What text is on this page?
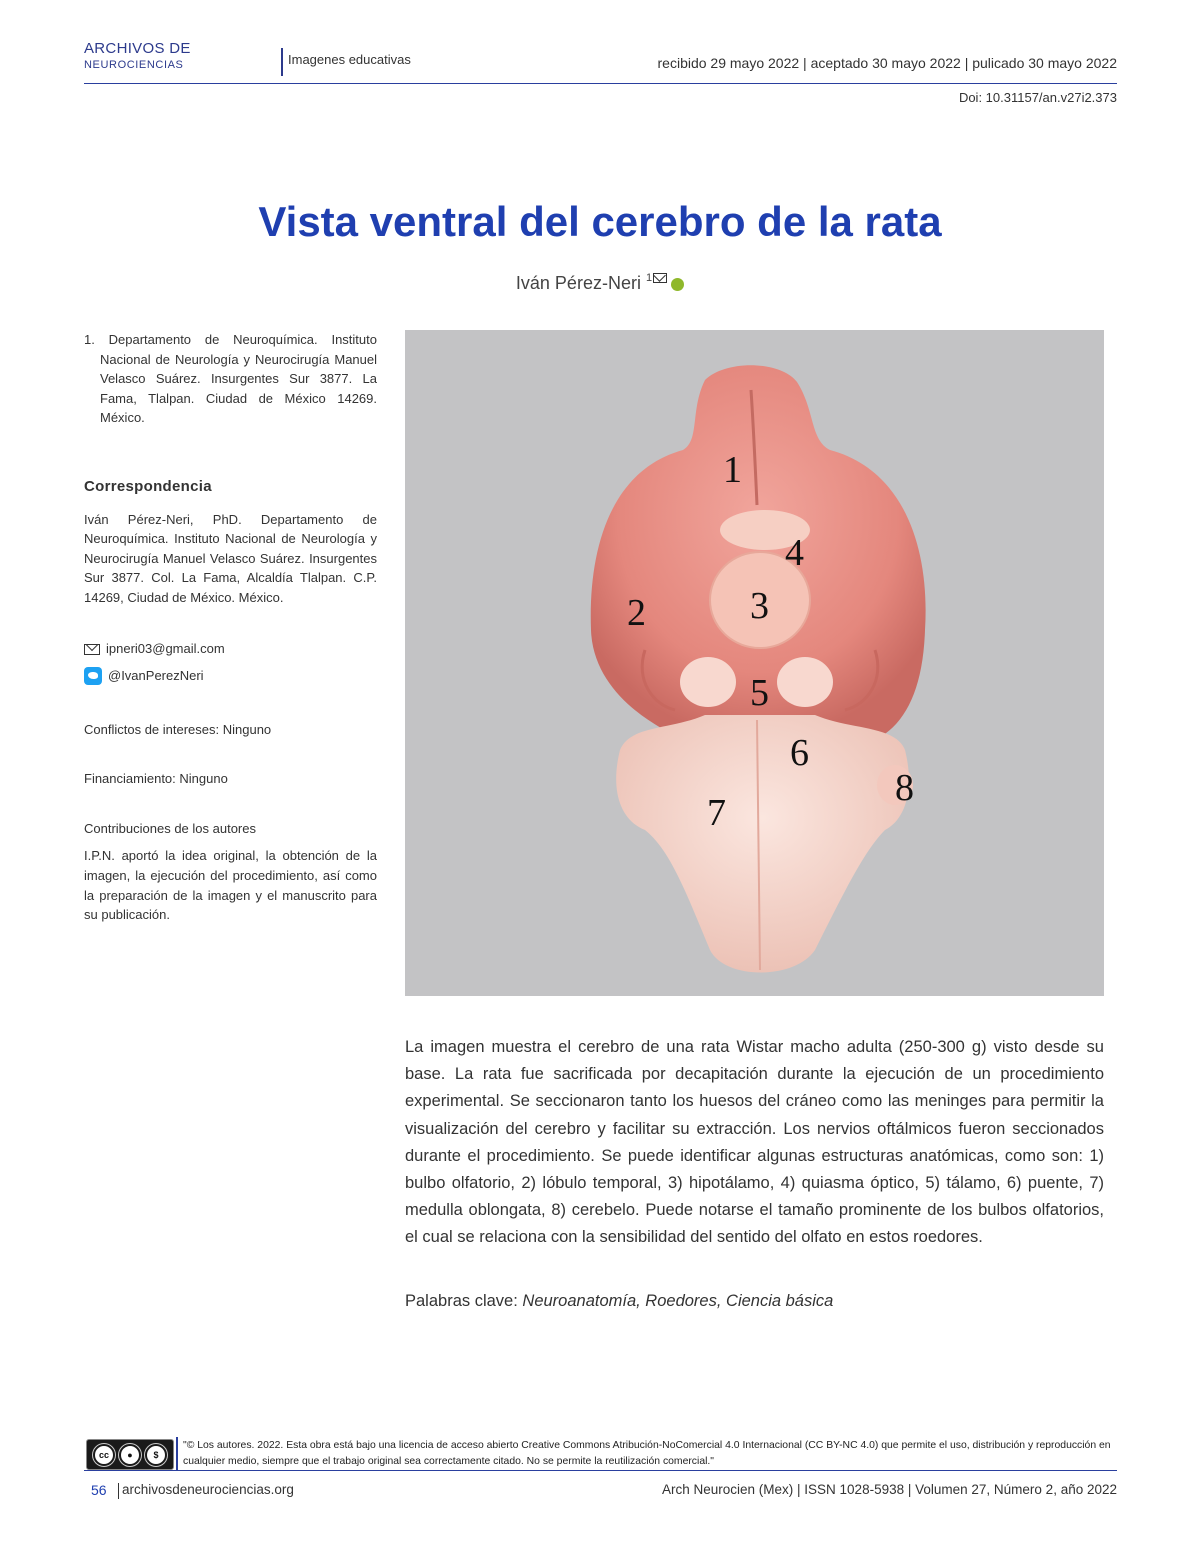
ARCHIVOS DE
NEUROCIENCIAS	Imagenes educativas	recibido 29 mayo 2022 | aceptado 30 mayo 2022 | pulicado 30 mayo 2022
Doi: 10.31157/an.v27i2.373
Vista ventral del cerebro de la rata
Iván Pérez-Neri $^1$
1. Departamento de Neuroquímica. Instituto Nacional de Neurología y Neurocirugía Manuel Velasco Suárez. Insurgentes Sur 3877. La Fama, Tlalpan. Ciudad de México 14269. México.
Correspondencia
Iván Pérez-Neri, PhD. Departamento de Neuroquímica. Instituto Nacional de Neurología y Neurocirugía Manuel Velasco Suárez. Insurgentes Sur 3877. Col. La Fama, Alcaldía Tlalpan. C.P. 14269, Ciudad de México. México.
ipneri03@gmail.com
@IvanPerezNeri
Conflictos de intereses: Ninguno
Financiamiento: Ninguno
Contribuciones de los autores
I.P.N. aportó la idea original, la obtención de la imagen, la ejecución del procedimiento, así como la preparación de la imagen y el manuscrito para su publicación.
1
2	3
4
5
6
7
8

La imagen muestra el cerebro de una rata Wistar macho adulta (250-300 g) visto desde su base. La rata fue sacrificada por decapitación durante la ejecución de un procedimiento experimental. Se seccionaron tanto los huesos del cráneo como las meninges para permitir la visualización del cerebro y facilitar su extracción. Los nervios oftálmicos fueron seccionados durante el procedimiento. Se puede identificar algunas estructuras anatómicas, como son: 1) bulbo olfatorio, 2) lóbulo temporal, 3) hipotálamo, 4) quiasma óptico, 5) tálamo, 6) puente, 7) medulla oblongata, 8) cerebelo. Puede notarse el tamaño prominente de los bulbos olfatorios, el cual se relaciona con la sensibilidad del sentido del olfato en estos roedores.

Palabras clave: Neuroanatomía, Roedores, Ciencia básica
cc	●	$
"© Los autores. 2022. Esta obra está bajo una licencia de acceso abierto Creative Commons Atribución-NoComercial 4.0 Internacional (CC BY-NC 4.0) que permite el uso, distribución y reproducción en cualquier medio, siempre que el trabajo original sea correctamente citado. No se permite la reutilización comercial."
56 archivosdeneurociencias.org	Arch Neurocien (Mex) | ISSN 1028-5938 | Volumen 27, Número 2, año 2022
